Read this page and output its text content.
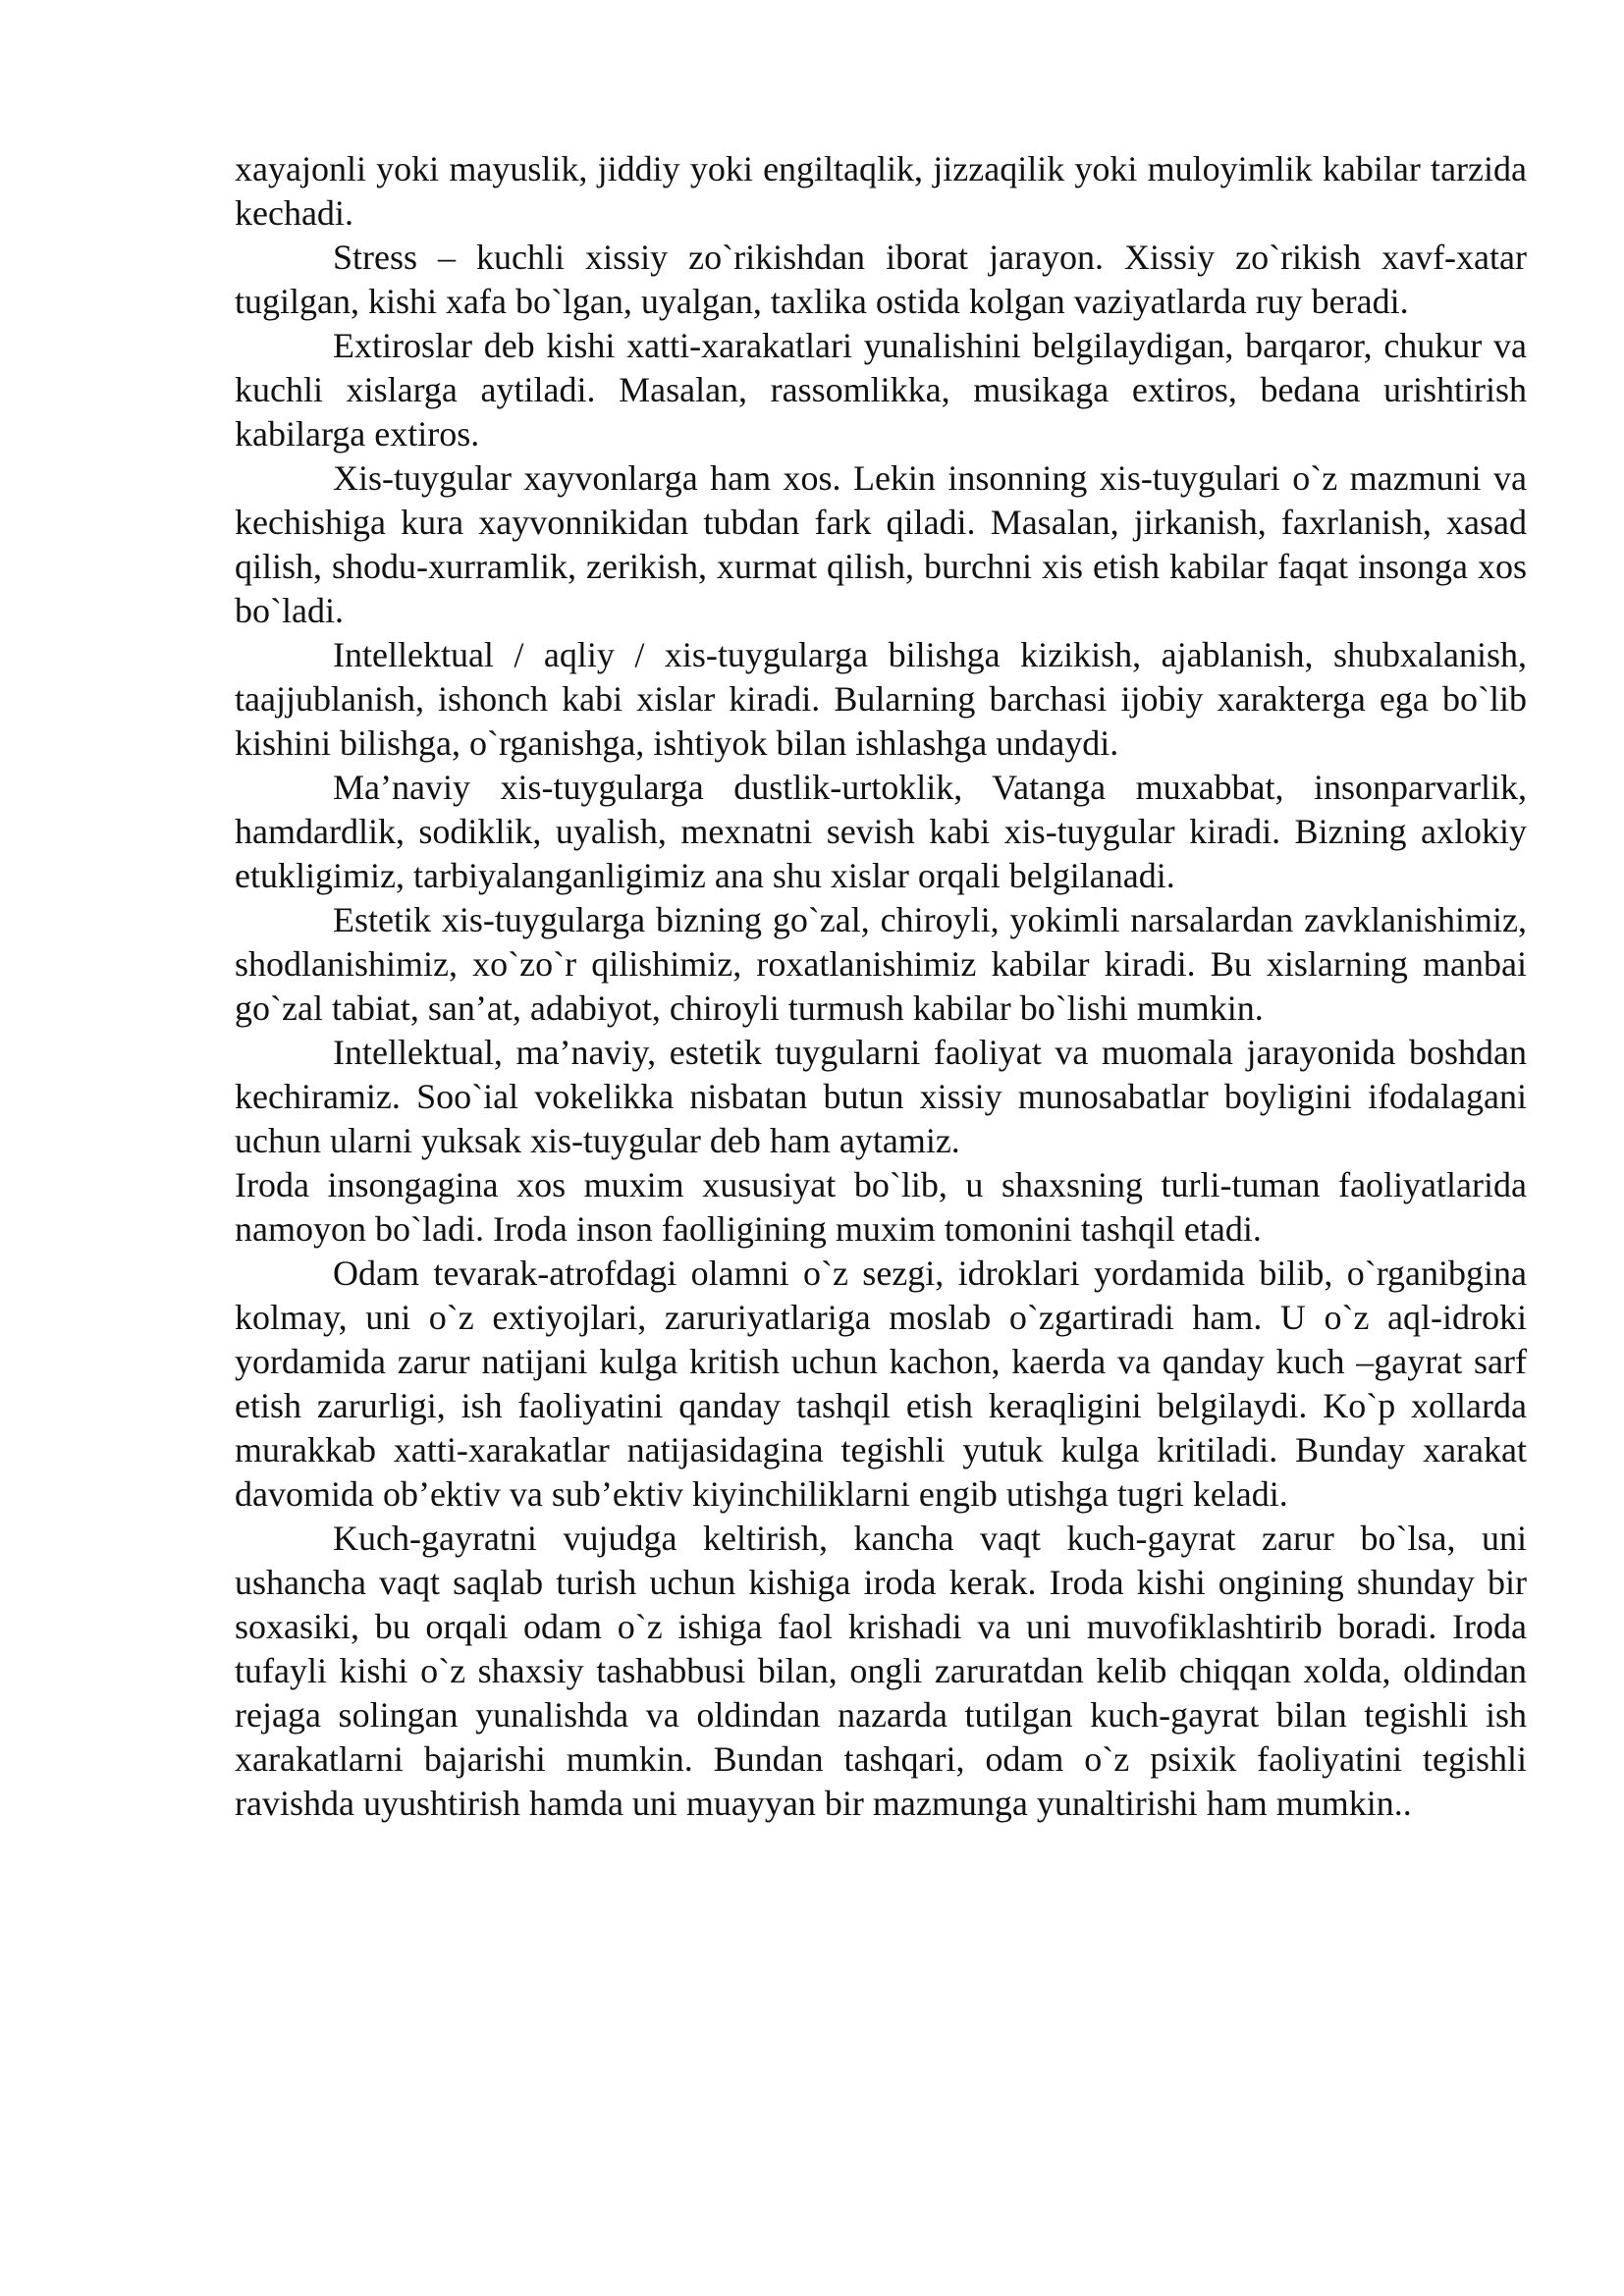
xayajonli yoki mayuslik, jiddiy yoki engiltaqlik, jizzaqilik yoki muloyimlik kabilar tarzida kechadi.

Stress – kuchli xissiy zo`rikishdan iborat jarayon. Xissiy zo`rikish xavf-xatar tugilgan, kishi xafa bo`lgan, uyalgan, taxlika ostida kolgan vaziyatlarda ruy beradi.

Extiroslar deb kishi xatti-xarakatlari yunalishini belgilaydigan, barqaror, chukur va kuchli xislarga aytiladi. Masalan, rassomlikka, musikaga extiros, bedana urishtirish kabilarga extiros.

Xis-tuygular xayvonlarga ham xos. Lekin insonning xis-tuygulari o`z mazmuni va kechishiga kura xayvonnikidan tubdan fark qiladi. Masalan, jirkanish, faxrlanish, xasad qilish, shodu-xurramlik, zerikish, xurmat qilish, burchni xis etish kabilar faqat insonga xos bo`ladi.

Intellektual / aqliy / xis-tuygularga bilishga kizikish, ajablanish, shubxalanish, taajjublanish, ishonch kabi xislar kiradi. Bularning barchasi ijobiy xarakterga ega bo`lib kishini bilishga, o`rganishga, ishtiyok bilan ishlashga undaydi.

Ma’naviy xis-tuygularga dustlik-urtoklik, Vatanga muxabbat, insonparvarlik, hamdardlik, sodiklik, uyalish, mexnatni sevish kabi xis-tuygular kiradi. Bizning axlokiy etukligimiz, tarbiyalanganligimiz ana shu xislar orqali belgilanadi.

Estetik xis-tuygularga bizning go`zal, chiroyli, yokimli narsalardan zavklanishimiz, shodlanishimiz, xo`zo`r qilishimiz, roxatlanishimiz kabilar kiradi. Bu xislarning manbai go`zal tabiat, san’at, adabiyot, chiroyli turmush kabilar bo`lishi mumkin.

Intellektual, ma’naviy, estetik tuygularni faoliyat va muomala jarayonida boshdan kechiramiz. Soo`ial vokelikka nisbatan butun xissiy munosabatlar boyligini ifodalagani uchun ularni yuksak xis-tuygular deb ham aytamiz.

Iroda insongagina xos muxim xususiyat bo`lib, u shaxsning turli-tuman faoliyatlarida namoyon bo`ladi. Iroda inson faolligining muxim tomonini tashqil etadi.

Odam tevarak-atrofdagi olamni o`z sezgi, idroklari yordamida bilib, o`rganibgina kolmay, uni o`z extiyojlari, zaruriyatlariga moslab o`zgartiradi ham. U o`z aql-idroki yordamida zarur natijani kulga kritish uchun kachon, kaerda va qanday kuch –gayrat sarf etish zarurligi, ish faoliyatini qanday tashqil etish keraqligini belgilaydi. Ko`p xollarda murakkab xatti-xarakatlar natijasidagina tegishli yutuk kulga kritiladi. Bunday xarakat davomida ob’ektiv va sub’ektiv kiyinchiliklarni engib utishga tugri keladi.

Kuch-gayratni vujudga keltirish, kancha vaqt kuch-gayrat zarur bo`lsa, uni ushancha vaqt saqlab turish uchun kishiga iroda kerak. Iroda kishi ongining shunday bir soxasiki, bu orqali odam o`z ishiga faol krishadi va uni muvofiklashtirib boradi. Iroda tufayli kishi o`z shaxsiy tashabbusi bilan, ongli zaruratdan kelib chiqqan xolda, oldindan rejaga solingan yunalishda va oldindan nazarda tutilgan kuch-gayrat bilan tegishli ish xarakatlarni bajarishi mumkin. Bundan tashqari, odam o`z psixik faoliyatini tegishli ravishda uyushtirish hamda uni muayyan bir mazmunga yunaltirishi ham mumkin..
